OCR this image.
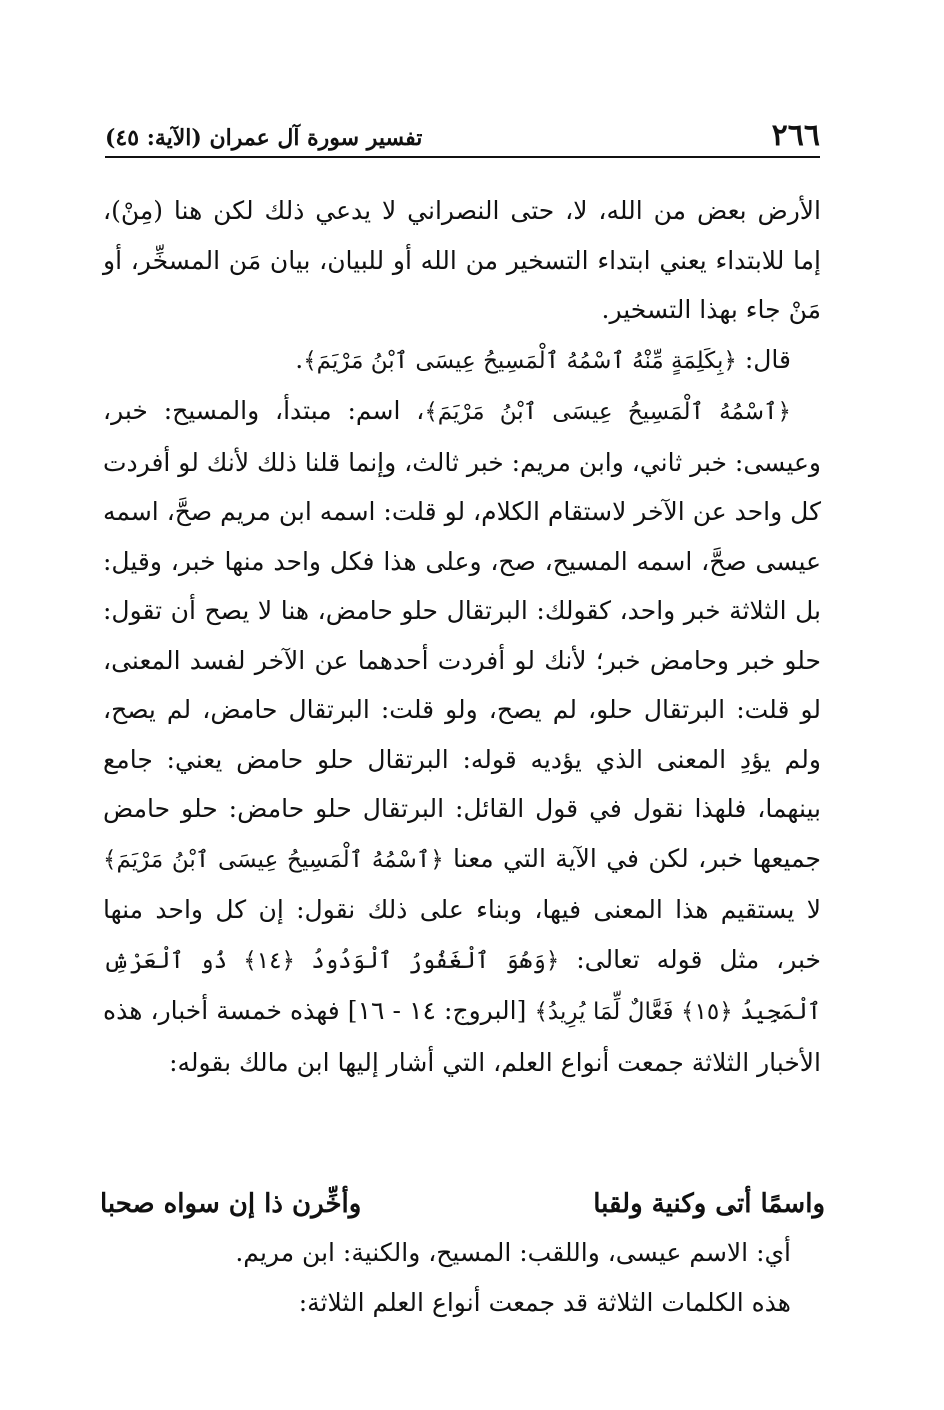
٢٦٦
تفسير سورة آل عمران (الآية: ٤٥)

الأرض بعض من الله، لا، حتى النصراني لا يدعي ذلك لكن هنا (مِنْ)، إما للابتداء يعني ابتداء التسخير من الله أو للبيان، بيان مَن المسخِّر، أو مَنْ جاء بهذا التسخير.

قال: ﴿بِكَلِمَةٍ مِّنْهُ ٱسْمُهُ ٱلْمَسِيحُ عِيسَى ٱبْنُ مَرْيَمَ﴾.

﴿ٱسْمُهُ ٱلْمَسِيحُ عِيسَى ٱبْنُ مَرْيَمَ﴾، اسم: مبتدأ، والمسيح: خبر، وعيسى: خبر ثاني، وابن مريم: خبر ثالث، وإنما قلنا ذلك لأنك لو أفردت كل واحد عن الآخر لاستقام الكلام، لو قلت: اسمه ابن مريم صحَّ، اسمه عيسى صحَّ، اسمه المسيح، صح، وعلى هذا فكل واحد منها خبر، وقيل: بل الثلاثة خبر واحد، كقولك: البرتقال حلو حامض، هنا لا يصح أن تقول: حلو خبر وحامض خبر؛ لأنك لو أفردت أحدهما عن الآخر لفسد المعنى، لو قلت: البرتقال حلو، لم يصح، ولو قلت: البرتقال حامض، لم يصح، ولم يؤدِ المعنى الذي يؤديه قوله: البرتقال حلو حامض يعني: جامع بينهما، فلهذا نقول في قول القائل: البرتقال حلو حامض: حلو حامض جميعها خبر، لكن في الآية التي معنا ﴿ٱسْمُهُ ٱلْمَسِيحُ عِيسَى ٱبْنُ مَرْيَمَ﴾ لا يستقيم هذا المعنى فيها، وبناء على ذلك نقول: إن كل واحد منها خبر، مثل قوله تعالى: ﴿وَهُوَ ٱلْغَفُورُ ٱلْوَدُودُ ﴿١٤﴾ ذُو ٱلْعَرْشِ ٱلْمَجِيدُ ﴿١٥﴾ فَعَّالٌ لِّمَا يُرِيدُ﴾ [البروج: ١٤ - ١٦] فهذه خمسة أخبار، هذه الأخبار الثلاثة جمعت أنواع العلم، التي أشار إليها ابن مالك بقوله:

واسمًا أتى وكنية ولقبا
وأخِّرن ذا إن سواه صحبا

أي: الاسم عيسى، واللقب: المسيح، والكنية: ابن مريم.

هذه الكلمات الثلاثة قد جمعت أنواع العلم الثلاثة:
